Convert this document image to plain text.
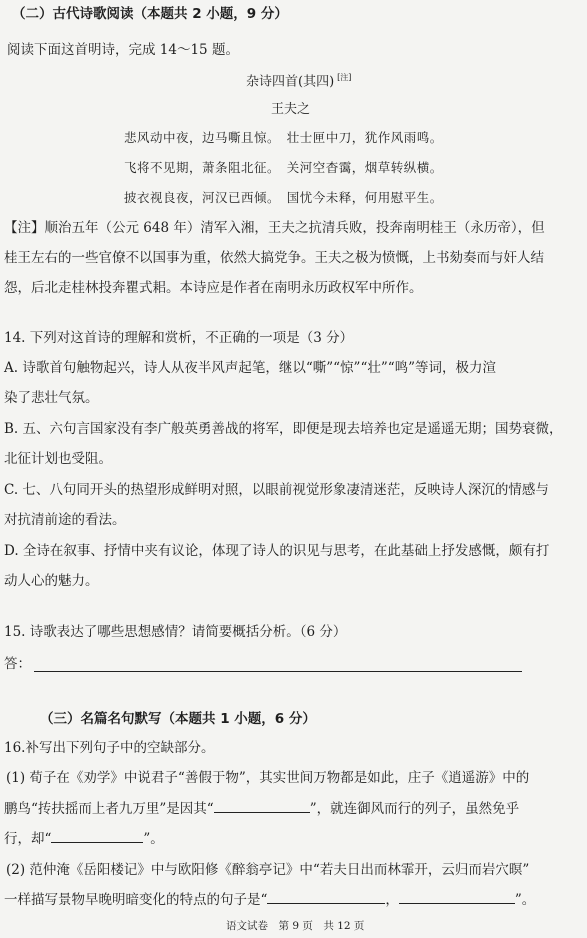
（二）古代诗歌阅读（本题共 2 小题，9 分）
阅读下面这首明诗，完成 14～15 题。
杂诗四首(其四) [注]
王夫之
悲风动中夜，边马嘶且惊。　壮士匣中刀，犹作风雨鸣。
飞将不见期，萧条阻北征。　关河空杳霭，烟草转纵横。
披衣视良夜，河汉已西倾。　国忧今未释，何用慰平生。
【注】顺治五年（公元 648 年）清军入湘，王夫之抗清兵败，投奔南明桂王（永历帝），但
桂王左右的一些官僚不以国事为重，依然大搞党争。王夫之极为愤慨，上书劾奏而与奸人结
怨，后北走桂林投奔瞿式耜。本诗应是作者在南明永历政权军中所作。
14. 下列对这首诗的理解和赏析，不正确的一项是（3 分）
A. 诗歌首句触物起兴，诗人从夜半风声起笔，继以“嘶”“惊”“壮”“鸣”等词，极力渲
染了悲壮气氛。
B. 五、六句言国家没有李广般英勇善战的将军，即便是现去培养也定是遥遥无期；国势衰微，
北征计划也受阻。
C. 七、八句同开头的热望形成鲜明对照，以眼前视觉形象凄清迷茫，反映诗人深沉的情感与
对抗清前途的看法。
D. 全诗在叙事、抒情中夹有议论，体现了诗人的识见与思考，在此基础上抒发感慨，颇有打
动人心的魅力。
15. 诗歌表达了哪些思想感情？请简要概括分析。（6 分）
答：
（三）名篇名句默写（本题共 1 小题，6 分）
16.补写出下列句子中的空缺部分。
(1) 荀子在《劝学》中说君子“善假于物”，其实世间万物都是如此，庄子《逍遥游》中的
鹏鸟“抟扶摇而上者九万里”是因其“	”，就连御风而行的列子，虽然免乎
行，却“	”。
(2) 范仲淹《岳阳楼记》中与欧阳修《醉翁亭记》中“若夫日出而林霏开，云归而岩穴暝”
一样描写景物早晚明暗变化的特点的句子是“	，	”。
语文试卷　第 9 页　共 12 页
